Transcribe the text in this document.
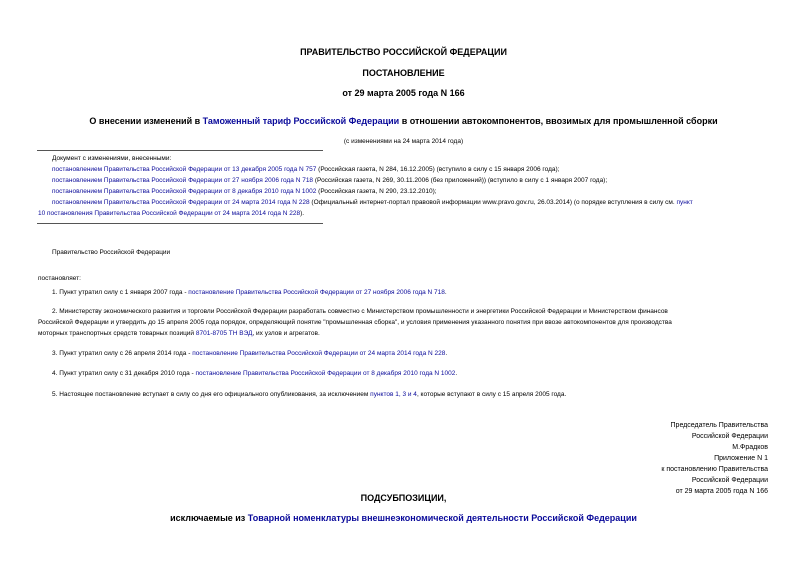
ПРАВИТЕЛЬСТВО РОССИЙСКОЙ ФЕДЕРАЦИИ
ПОСТАНОВЛЕНИЕ
от 29 марта 2005 года N 166
О внесении изменений в Таможенный тариф Российской Федерации в отношении автокомпонентов, ввозимых для промышленной сборки
(с изменениями на 24 марта 2014 года)
Документ с изменениями, внесенными:
постановлением Правительства Российской Федерации от 13 декабря 2005 года N 757 (Российская газета, N 284, 16.12.2005) (вступило в силу с 15 января 2006 года);
постановлением Правительства Российской Федерации от 27 ноября 2006 года N 718 (Российская газета, N 269, 30.11.2006 (без приложений)) (вступило в силу с 1 января 2007 года);
постановлением Правительства Российской Федерации от 8 декабря 2010 года N 1002 (Российская газета, N 290, 23.12.2010);
постановлением Правительства Российской Федерации от 24 марта 2014 года N 228 (Официальный интернет-портал правовой информации www.pravo.gov.ru, 26.03.2014) (о порядке вступления в силу см. пункт
10 постановления Правительства Российской Федерации от 24 марта 2014 года N 228).
Правительство Российской Федерации
постановляет:
1. Пункт утратил силу с 1 января 2007 года - постановление Правительства Российской Федерации от 27 ноября 2006 года N 718.
2. Министерству экономического развития и торговли Российской Федерации разработать совместно с Министерством промышленности и энергетики Российской Федерации и Министерством финансов
Российской Федерации и утвердить до 15 апреля 2005 года порядок, определяющий понятие "промышленная сборка", и условия применения указанного понятия при ввозе автокомпонентов для производства
моторных транспортных средств товарных позиций 8701-8705 ТН ВЭД, их узлов и агрегатов.
3. Пункт утратил силу с 26 апреля 2014 года - постановление Правительства Российской Федерации от 24 марта 2014 года N 228.
4. Пункт утратил силу с 31 декабря 2010 года - постановление Правительства Российской Федерации от 8 декабря 2010 года N 1002.
5. Настоящее постановление вступает в силу со дня его официального опубликования, за исключением пунктов 1, 3 и 4, которые вступают в силу с 15 апреля 2005 года.
Председатель Правительства
Российской Федерации
М.Фрадков
Приложение N 1
к постановлению Правительства
Российской Федерации
от 29 марта 2005 года N 166
ПОДСУБПОЗИЦИИ,
исключаемые из Товарной номенклатуры внешнеэкономической деятельности Российской Федерации
